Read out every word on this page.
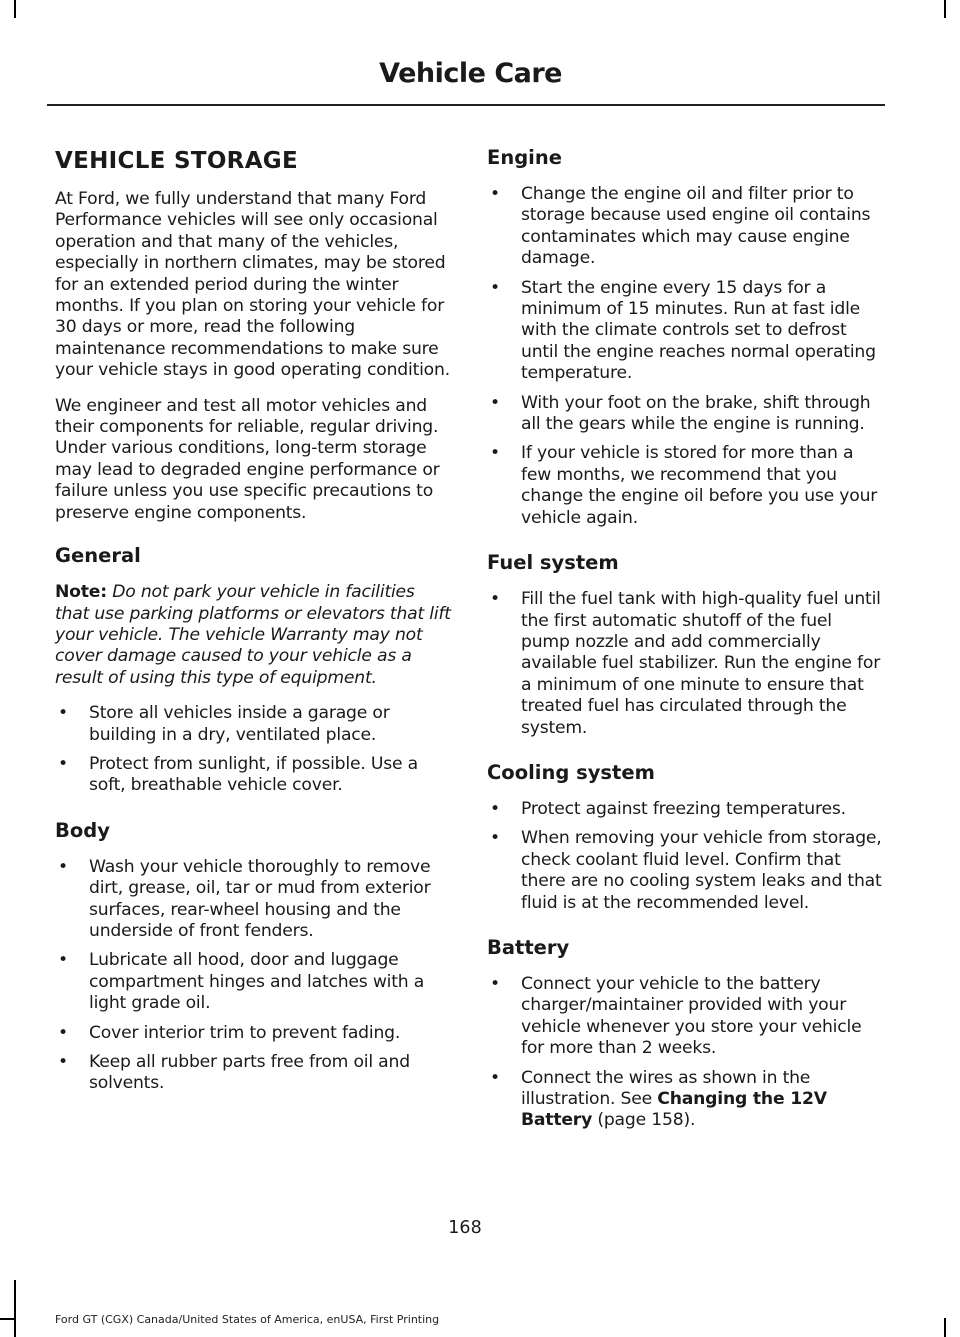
Vehicle Care
VEHICLE STORAGE

At Ford, we fully understand that many Ford Performance vehicles will see only occasional operation and that many of the vehicles, especially in northern climates, may be stored for an extended period during the winter months. If you plan on storing your vehicle for 30 days or more, read the following maintenance recommendations to make sure your vehicle stays in good operating condition.

We engineer and test all motor vehicles and their components for reliable, regular driving. Under various conditions, long-term storage may lead to degraded engine performance or failure unless you use specific precautions to preserve engine components.

General

Note: Do not park your vehicle in facilities that use parking platforms or elevators that lift your vehicle. The vehicle Warranty may not cover damage caused to your vehicle as a result of using this type of equipment.

• Store all vehicles inside a garage or building in a dry, ventilated place.
• Protect from sunlight, if possible. Use a soft, breathable vehicle cover.
Body
• Wash your vehicle thoroughly to remove dirt, grease, oil, tar or mud from exterior surfaces, rear-wheel housing and the underside of front fenders.
• Lubricate all hood, door and luggage compartment hinges and latches with a light grade oil.
• Cover interior trim to prevent fading.
• Keep all rubber parts free from oil and solvents.
Engine
• Change the engine oil and filter prior to storage because used engine oil contains contaminates which may cause engine damage.
• Start the engine every 15 days for a minimum of 15 minutes. Run at fast idle with the climate controls set to defrost until the engine reaches normal operating temperature.
• With your foot on the brake, shift through all the gears while the engine is running.
• If your vehicle is stored for more than a few months, we recommend that you change the engine oil before you use your vehicle again.
Fuel system
• Fill the fuel tank with high-quality fuel until the first automatic shutoff of the fuel pump nozzle and add commercially available fuel stabilizer. Run the engine for a minimum of one minute to ensure that treated fuel has circulated through the system.
Cooling system
• Protect against freezing temperatures.
• When removing your vehicle from storage, check coolant fluid level. Confirm that there are no cooling system leaks and that fluid is at the recommended level.
Battery
• Connect your vehicle to the battery charger/maintainer provided with your vehicle whenever you store your vehicle for more than 2 weeks.
• Connect the wires as shown in the illustration. See Changing the 12V Battery (page 158).
168
Ford GT (CGX) Canada/United States of America, enUSA, First Printing
